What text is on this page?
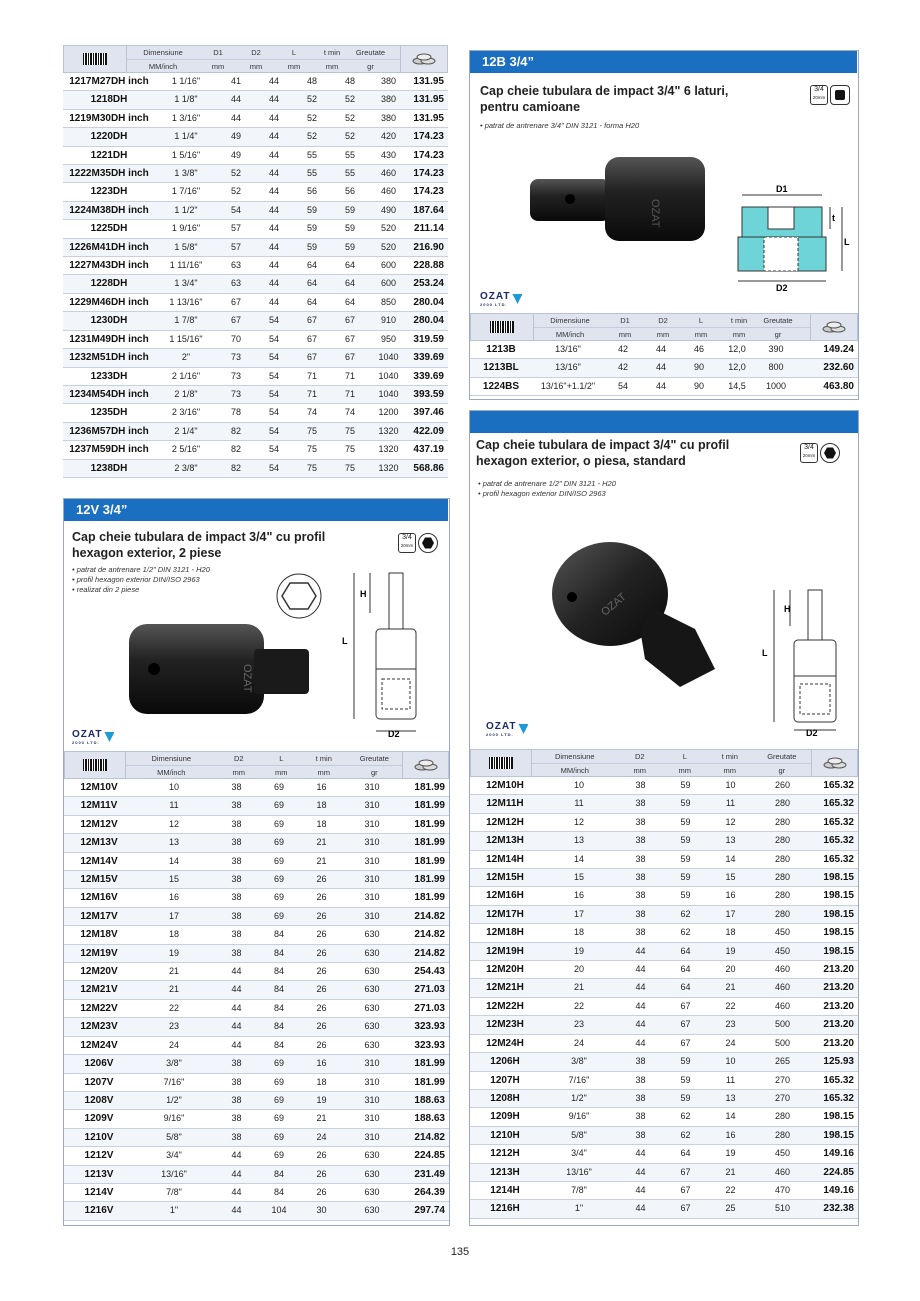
Dimensiune	D1	D2	L	t min	Greutate
MM/inch	mm	mm	mm	mm	gr
1217M27DH inch	1 1/16"	41	44	48	48	380	131.95
1218DH	1 1/8"	44	44	52	52	380	131.95
1219M30DH inch	1 3/16"	44	44	52	52	380	131.95
1220DH	1 1/4"	49	44	52	52	420	174.23
1221DH	1 5/16"	49	44	55	55	430	174.23
1222M35DH inch	1 3/8"	52	44	55	55	460	174.23
1223DH	1 7/16"	52	44	56	56	460	174.23
1224M38DH inch	1 1/2"	54	44	59	59	490	187.64
1225DH	1 9/16"	57	44	59	59	520	211.14
1226M41DH inch	1 5/8"	57	44	59	59	520	216.90
1227M43DH inch	1 11/16"	63	44	64	64	600	228.88
1228DH	1 3/4"	63	44	64	64	600	253.24
1229M46DH inch	1 13/16"	67	44	64	64	850	280.04
1230DH	1 7/8"	67	54	67	67	910	280.04
1231M49DH inch	1 15/16"	70	54	67	67	950	319.59
1232M51DH inch	2"	73	54	67	67	1040	339.69
1233DH	2 1/16"	73	54	71	71	1040	339.69
1234M54DH inch	2 1/8"	73	54	71	71	1040	393.59
1235DH	2 3/16"	78	54	74	74	1200	397.46
1236M57DH inch	2 1/4"	82	54	75	75	1320	422.09
1237M59DH inch	2 5/16"	82	54	75	75	1320	437.19
1238DH	2 3/8"	82	54	75	75	1320	568.86
12B 3/4”
Cap cheie tubulara de impact 3/4" 6 laturi,
pentru camioane
3/4
20mm
• patrat de antrenare 3/4" DIN 3121 - forma H20
OZAT
D1
D2
t
L
OZAT
2000 LTD.
Dimensiune	D1	D2	L	t min	Greutate
MM/inch	mm	mm	mm	mm	gr
1213B	13/16"	42	44	46	12,0	390	149.24
1213BL	13/16"	42	44	90	12,0	800	232.60
1224BS	13/16"+1.1/2"	54	44	90	14,5	1000	463.80
12V 3/4”
Cap cheie tubulara de impact 3/4" cu profil
hexagon exterior, 2 piese
3/4
20mm
• patrat de antrenare 1/2" DIN 3121 - H20
• profil hexagon exterior DIN/ISO 2963
• realizat din 2 piese
OZAT
H
L
D2
OZAT
2000 LTD.
Dimensiune	D2	L	t min	Greutate
MM/inch	mm	mm	mm	gr
12M10V	10	38	69	16	310	181.99
12M11V	11	38	69	18	310	181.99
12M12V	12	38	69	18	310	181.99
12M13V	13	38	69	21	310	181.99
12M14V	14	38	69	21	310	181.99
12M15V	15	38	69	26	310	181.99
12M16V	16	38	69	26	310	181.99
12M17V	17	38	69	26	310	214.82
12M18V	18	38	84	26	630	214.82
12M19V	19	38	84	26	630	214.82
12M20V	21	44	84	26	630	254.43
12M21V	21	44	84	26	630	271.03
12M22V	22	44	84	26	630	271.03
12M23V	23	44	84	26	630	323.93
12M24V	24	44	84	26	630	323.93
1206V	3/8"	38	69	16	310	181.99
1207V	7/16"	38	69	18	310	181.99
1208V	1/2"	38	69	19	310	188.63
1209V	9/16"	38	69	21	310	188.63
1210V	5/8"	38	69	24	310	214.82
1212V	3/4"	44	69	26	630	224.85
1213V	13/16"	44	84	26	630	231.49
1214V	7/8"	44	84	26	630	264.39
1216V	1"	44	104	30	630	297.74
Cap cheie tubulara de impact 3/4" cu profil
hexagon exterior, o piesa, standard
3/4
20mm
• patrat de antrenare 1/2" DIN 3121 - H20
• profil hexagon exterior DIN/ISO 2963
OZAT	H
L
D2
OZAT
2000 LTD.
Dimensiune	D2	L	t min	Greutate
MM/inch	mm	mm	mm	gr
12M10H	10	38	59	10	260	165.32
12M11H	11	38	59	11	280	165.32
12M12H	12	38	59	12	280	165.32
12M13H	13	38	59	13	280	165.32
12M14H	14	38	59	14	280	165.32
12M15H	15	38	59	15	280	198.15
12M16H	16	38	59	16	280	198.15
12M17H	17	38	62	17	280	198.15
12M18H	18	38	62	18	450	198.15
12M19H	19	44	64	19	450	198.15
12M20H	20	44	64	20	460	213.20
12M21H	21	44	64	21	460	213.20
12M22H	22	44	67	22	460	213.20
12M23H	23	44	67	23	500	213.20
12M24H	24	44	67	24	500	213.20
1206H	3/8"	38	59	10	265	125.93
1207H	7/16"	38	59	11	270	165.32
1208H	1/2"	38	59	13	270	165.32
1209H	9/16"	38	62	14	280	198.15
1210H	5/8"	38	62	16	280	198.15
1212H	3/4"	44	64	19	450	149.16
1213H	13/16"	44	67	21	460	224.85
1214H	7/8"	44	67	22	470	149.16
1216H	1"	44	67	25	510	232.38
135
